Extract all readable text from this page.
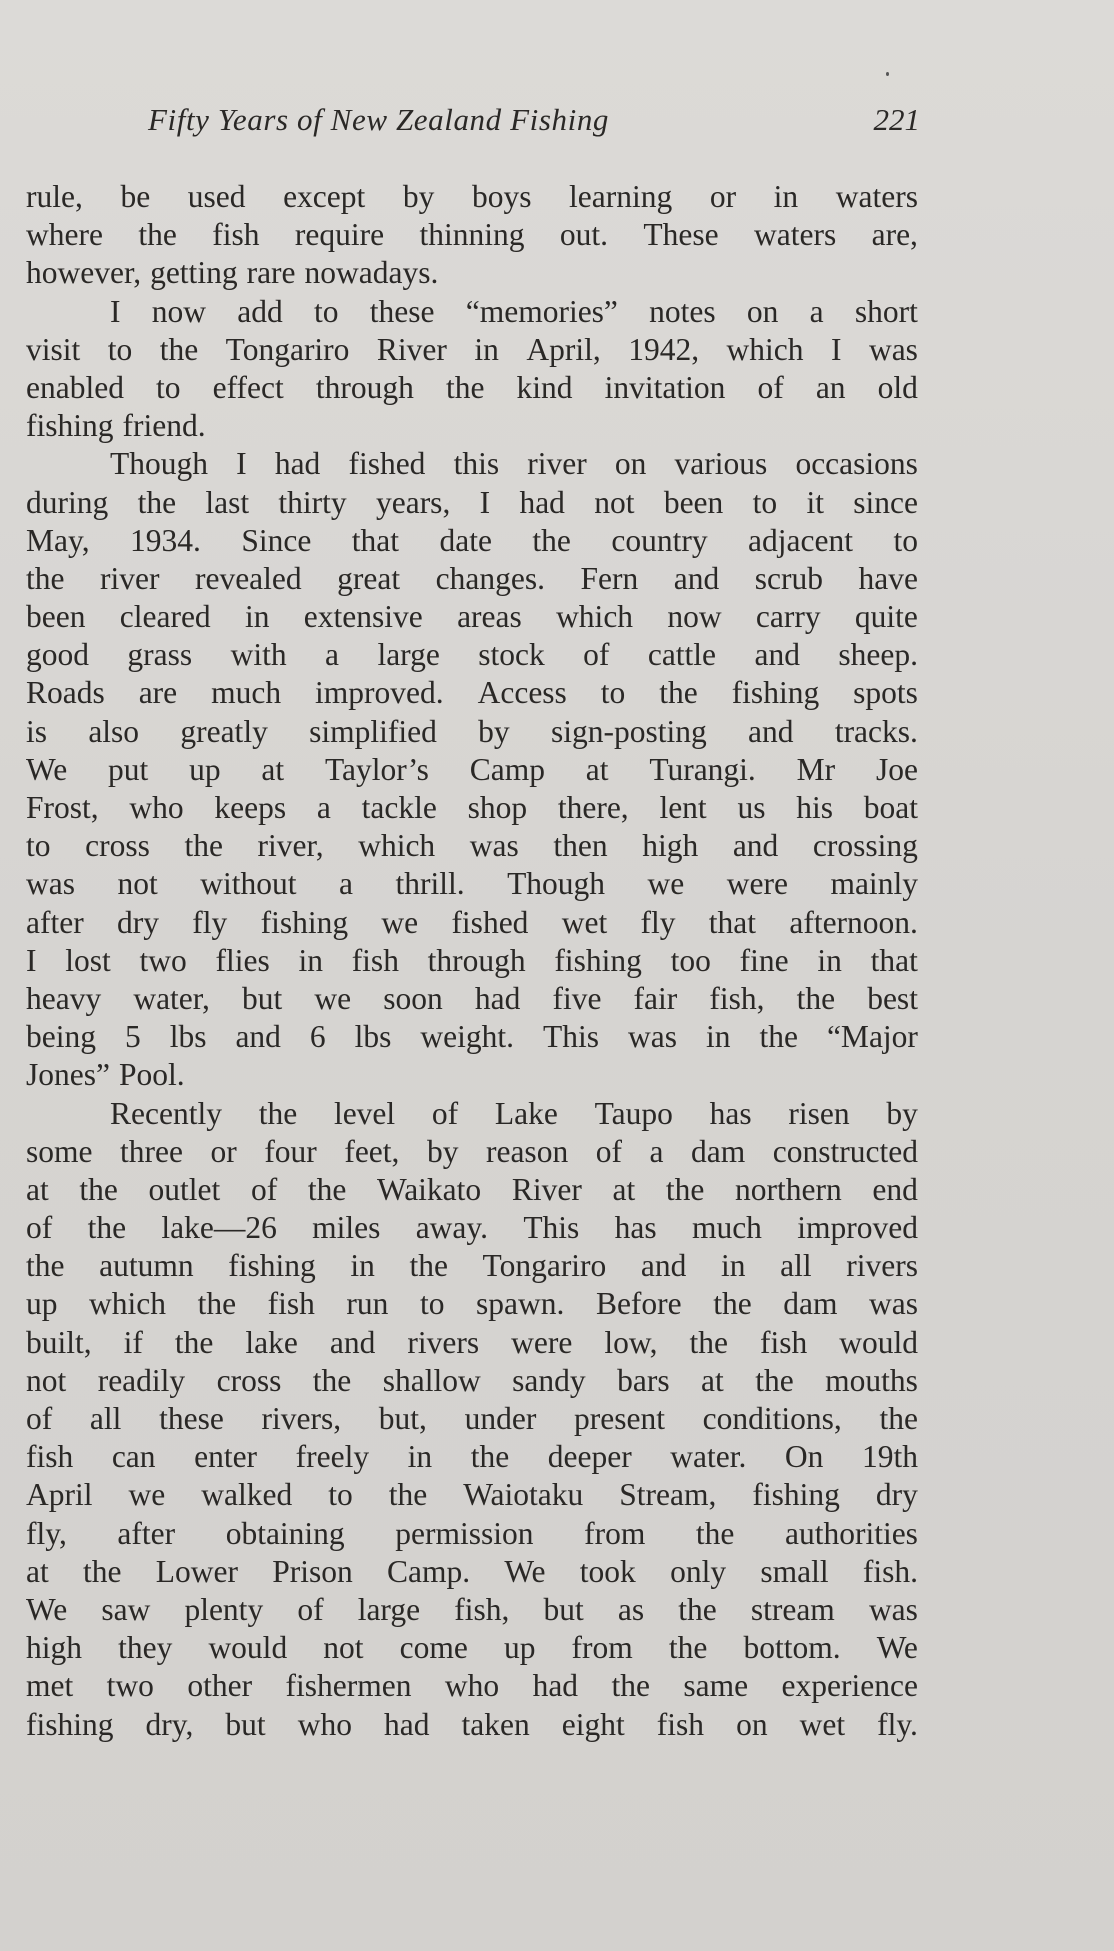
Fifty Years of New Zealand Fishing	221
rule, be used except by boys learning or in waters
where the fish require thinning out. These waters are,
however, getting rare nowadays.
I now add to these “memories” notes on a short
visit to the Tongariro River in April, 1942, which I was
enabled to effect through the kind invitation of an old
fishing friend.
Though I had fished this river on various occasions
during the last thirty years, I had not been to it since
May, 1934. Since that date the country adjacent to
the river revealed great changes. Fern and scrub have
been cleared in extensive areas which now carry quite
good grass with a large stock of cattle and sheep.
Roads are much improved. Access to the fishing spots
is also greatly simplified by sign-posting and tracks.
We put up at Taylor’s Camp at Turangi. Mr Joe
Frost, who keeps a tackle shop there, lent us his boat
to cross the river, which was then high and crossing
was not without a thrill. Though we were mainly
after dry fly fishing we fished wet fly that afternoon.
I lost two flies in fish through fishing too fine in that
heavy water, but we soon had five fair fish, the best
being 5 lbs and 6 lbs weight. This was in the “Major
Jones” Pool.
Recently the level of Lake Taupo has risen by
some three or four feet, by reason of a dam constructed
at the outlet of the Waikato River at the northern end
of the lake—26 miles away. This has much improved
the autumn fishing in the Tongariro and in all rivers
up which the fish run to spawn. Before the dam was
built, if the lake and rivers were low, the fish would
not readily cross the shallow sandy bars at the mouths
of all these rivers, but, under present conditions, the
fish can enter freely in the deeper water. On 19th
April we walked to the Waiotaku Stream, fishing dry
fly, after obtaining permission from the authorities
at the Lower Prison Camp. We took only small fish.
We saw plenty of large fish, but as the stream was
high they would not come up from the bottom. We
met two other fishermen who had the same experience
fishing dry, but who had taken eight fish on wet fly.
